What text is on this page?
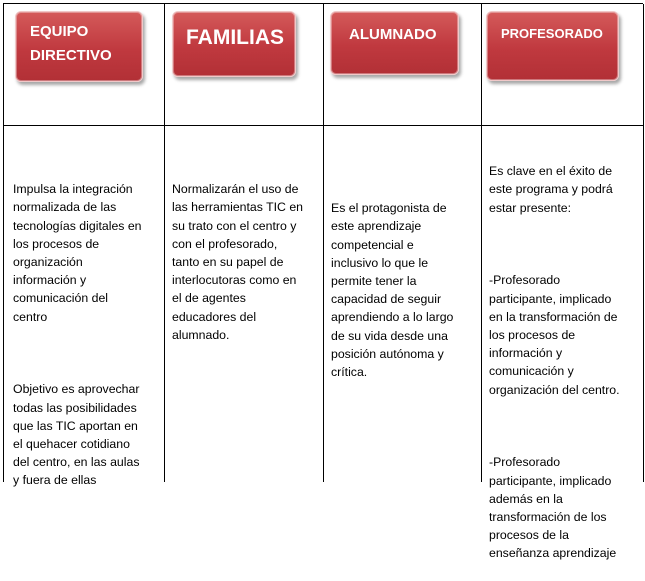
EQUIPO
DIRECTIVO
FAMILIAS	ALUMNADO	PROFESORADO

Impulsa la integración
normalizada de las
tecnologías digitales en
los procesos de
organización
información y
comunicación del
centro

Objetivo es aprovechar
todas las posibilidades
que las TIC aportan en
el quehacer cotidiano
del centro, en las aulas
y fuera de ellas

Normalizarán el uso de
las herramientas TIC en
su trato con el centro y
con el profesorado,
tanto en su papel de
interlocutoras como en
el de agentes
educadores del
alumnado.

Es el protagonista de
este aprendizaje
competencial e
inclusivo lo que le
permite tener la
capacidad de seguir
aprendiendo a lo largo
de su vida desde una
posición autónoma y
crítica.

Es clave en el éxito de
este programa y podrá
estar presente:

-Profesorado
participante, implicado
en la transformación de
los procesos de
información y
comunicación y
organización del centro.

-Profesorado
participante, implicado
además en la
transformación de los
procesos de la
enseñanza aprendizaje
